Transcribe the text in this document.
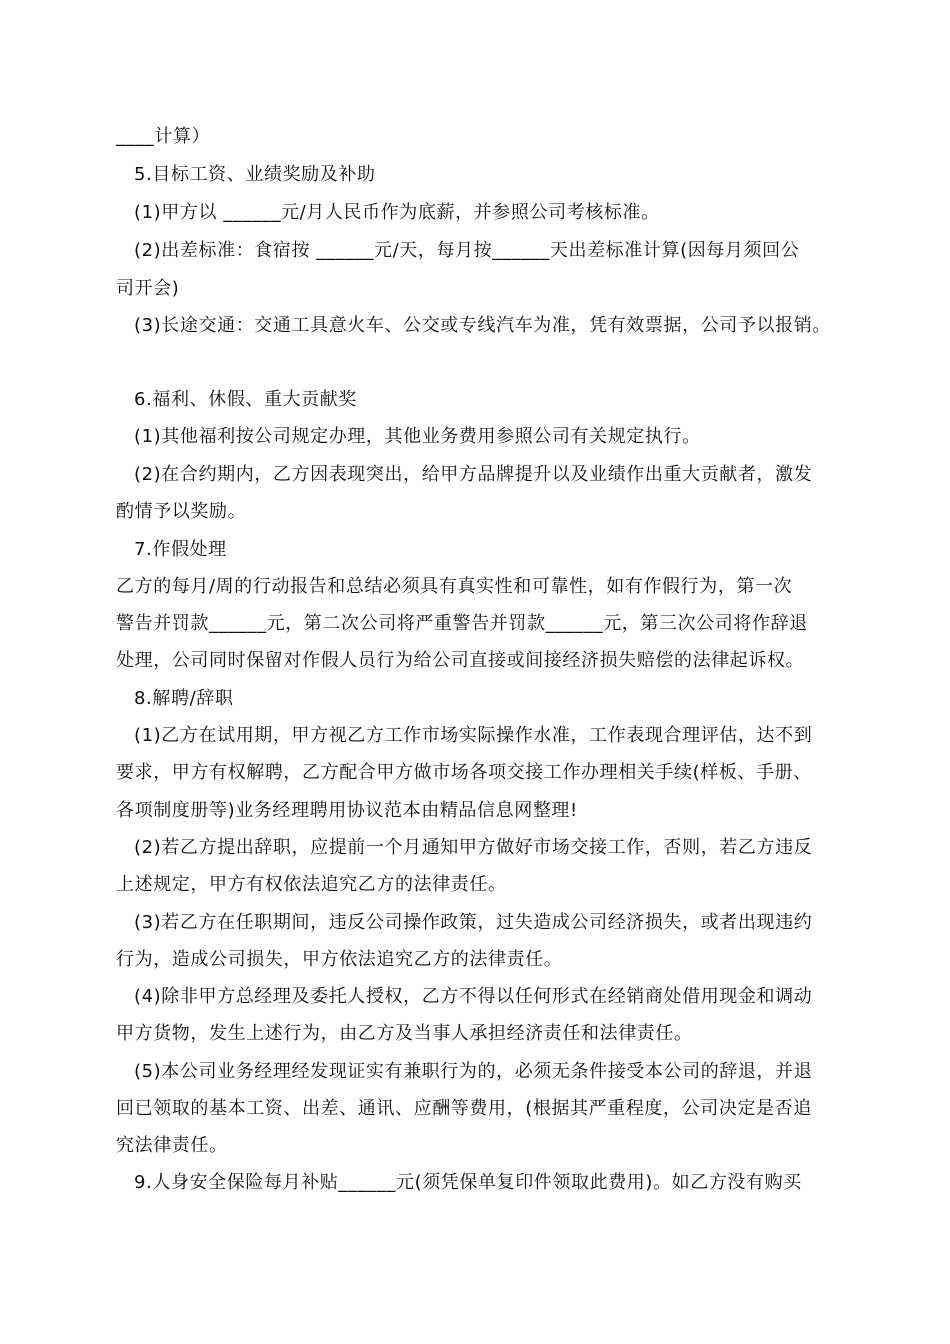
____计算）
5.目标工资、业绩奖励及补助
(1)甲方以 ______元/月人民币作为底薪，并参照公司考核标准。
(2)出差标准：食宿按 ______元/天，每月按______天出差标准计算(因每月须回公
司开会)
(3)长途交通：交通工具意火车、公交或专线汽车为准，凭有效票据，公司予以报销。
6.福利、休假、重大贡献奖
(1)其他福利按公司规定办理，其他业务费用参照公司有关规定执行。
(2)在合约期内，乙方因表现突出，给甲方品牌提升以及业绩作出重大贡献者，激发
酌情予以奖励。
7.作假处理
乙方的每月/周的行动报告和总结必须具有真实性和可靠性，如有作假行为，第一次
警告并罚款______元，第二次公司将严重警告并罚款______元，第三次公司将作辞退
处理，公司同时保留对作假人员行为给公司直接或间接经济损失赔偿的法律起诉权。
8.解聘/辞职
(1)乙方在试用期，甲方视乙方工作市场实际操作水准，工作表现合理评估，达不到
要求，甲方有权解聘，乙方配合甲方做市场各项交接工作办理相关手续(样板、手册、
各项制度册等)业务经理聘用协议范本由精品信息网整理!
(2)若乙方提出辞职，应提前一个月通知甲方做好市场交接工作，否则，若乙方违反
上述规定，甲方有权依法追究乙方的法律责任。
(3)若乙方在任职期间，违反公司操作政策，过失造成公司经济损失，或者出现违约
行为，造成公司损失，甲方依法追究乙方的法律责任。
(4)除非甲方总经理及委托人授权，乙方不得以任何形式在经销商处借用现金和调动
甲方货物，发生上述行为，由乙方及当事人承担经济责任和法律责任。
(5)本公司业务经理经发现证实有兼职行为的，必须无条件接受本公司的辞退，并退
回已领取的基本工资、出差、通讯、应酬等费用，(根据其严重程度，公司决定是否追
究法律责任。
9.人身安全保险每月补贴______元(须凭保单复印件领取此费用)。如乙方没有购买
